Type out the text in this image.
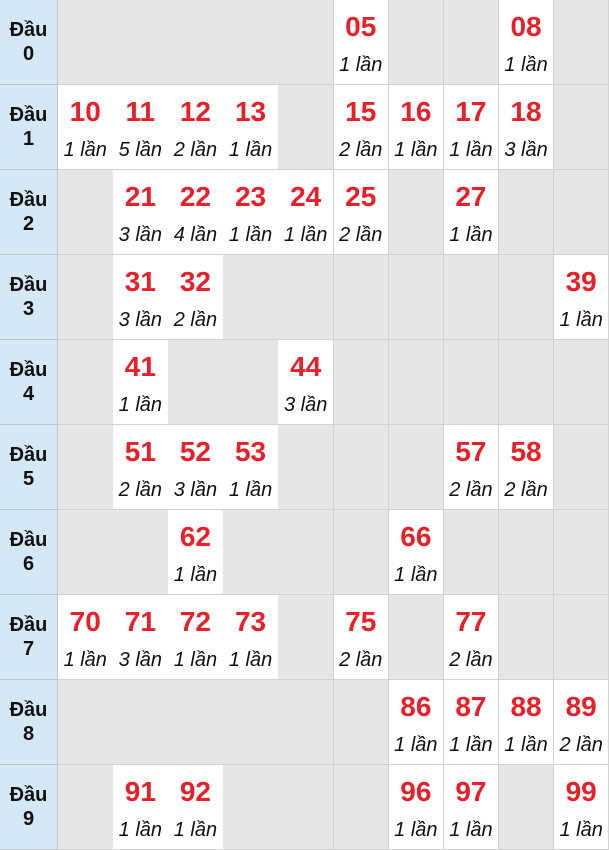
Đầu
0
05
1 lần
08
1 lần
Đầu
1
10
1 lần
11
5 lần
12
2 lần
13
1 lần
15
2 lần
16
1 lần
17
1 lần
18
3 lần
Đầu
2
21
3 lần
22
4 lần
23
1 lần
24
1 lần
25
2 lần
27
1 lần
Đầu
3
31
3 lần
32
2 lần
39
1 lần
Đầu
4
41
1 lần
44
3 lần
Đầu
5
51
2 lần
52
3 lần
53
1 lần
57
2 lần
58
2 lần
Đầu
6
62
1 lần
66
1 lần
Đầu
7
70
1 lần
71
3 lần
72
1 lần
73
1 lần
75
2 lần
77
2 lần
Đầu
8
86
1 lần
87
1 lần
88
1 lần
89
2 lần
Đầu
9
91
1 lần
92
1 lần
96
1 lần
97
1 lần
99
1 lần
